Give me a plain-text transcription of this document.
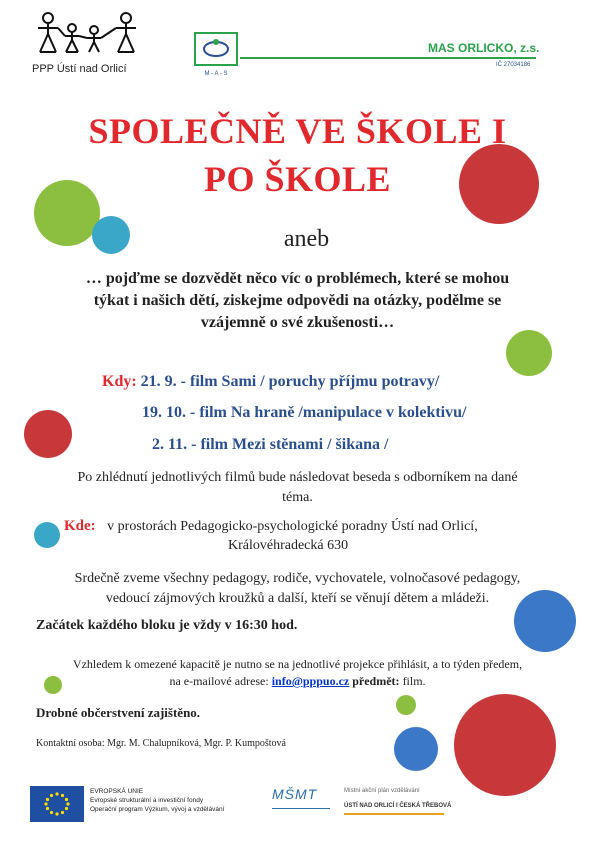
PPP Ústí nad Orlicí	M - A - S
MAS ORLICKO, z.s.
IČ 27034186
SPOLEČNĚ VE ŠKOLE I
PO ŠKOLE
aneb
… pojďme se dozvědět něco víc o problémech, které se mohou
týkat i našich dětí, ziskejme odpovědi na otázky, podělme se
vzájemně o své zkušenosti…
Kdy: 21. 9. - film Sami / poruchy příjmu potravy/
19. 10. - film Na hraně /manipulace v kolektivu/
2. 11. - film Mezi stěnami / šikana /
Po zhlédnutí jednotlivých filmů bude následovat beseda s odborníkem na dané
téma.
Kde: v prostorách Pedagogicko-psychologické poradny Ústí nad Orlicí,
Královéhradecká 630
Srdečně zveme všechny pedagogy, rodiče, vychovatele, volnočasové pedagogy,
vedoucí zájmových kroužků a další, kteří se věnují dětem a mládeži.
Začátek každého bloku je vždy v 16:30 hod.
Vzhledem k omezené kapacitě je nutno se na jednotlivé projekce přihlásit, a to týden předem,
na e-mailové adrese: info@pppuo.cz předmět: film.
Drobné občerstvení zajištěno.
Kontaktní osoba: Mgr. M. Chalupníková, Mgr. P. Kumpoštová
EVROPSKÁ UNIE
Evropské strukturální a investiční fondy
Operační program Výzkum, vývoj a vzdělávání
MŠMT	Místní akční plán vzdělávání
ÚSTÍ NAD ORLICÍ I ČESKÁ TŘEBOVÁ
